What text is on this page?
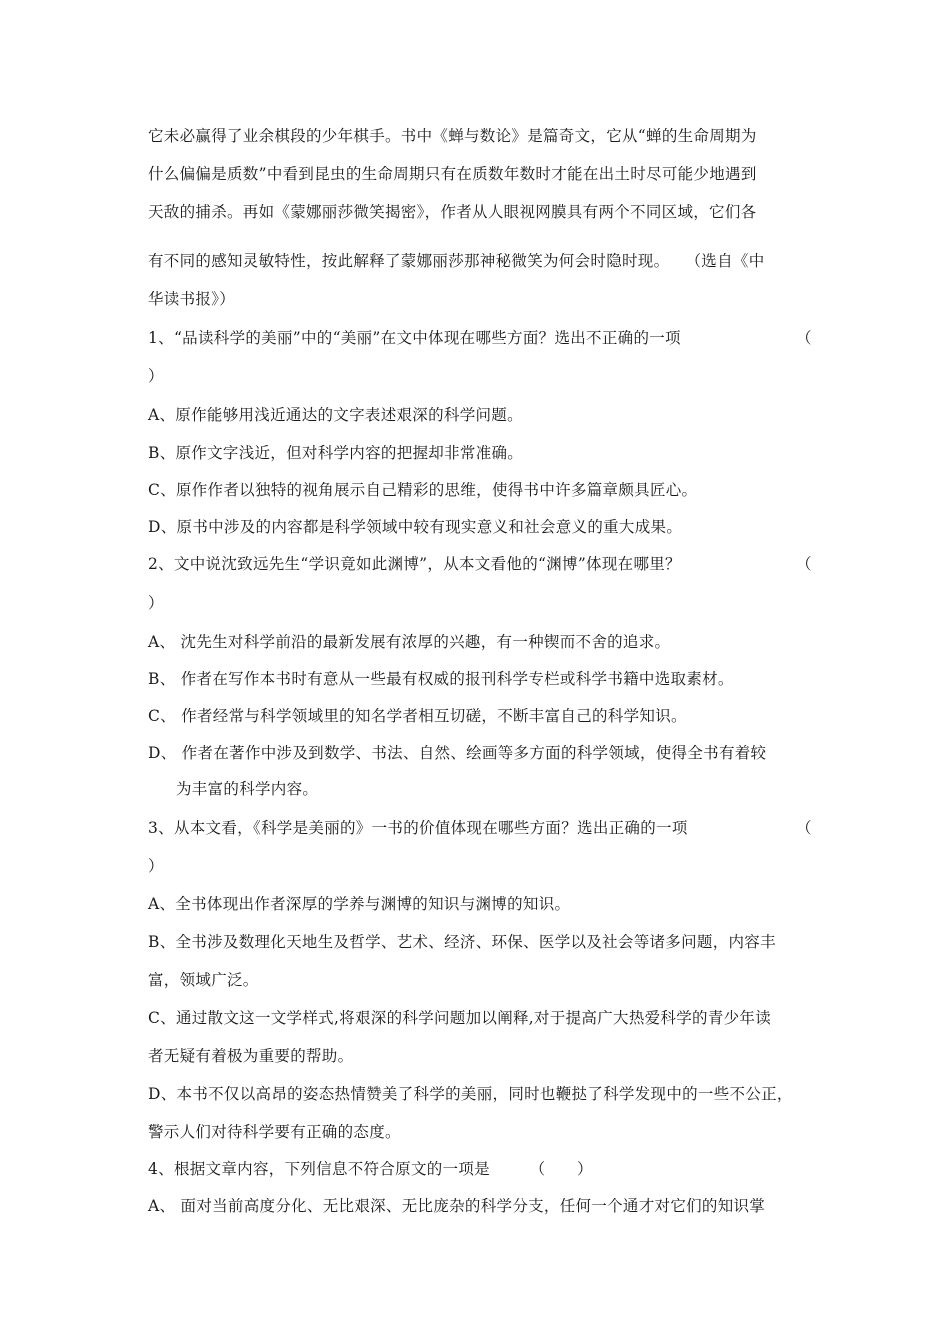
它未必赢得了业余棋段的少年棋手。书中《蝉与数论》是篇奇文，它从“蝉的生命周期为
什么偏偏是质数”中看到昆虫的生命周期只有在质数年数时才能在出土时尽可能少地遇到
天敌的捕杀。再如《蒙娜丽莎微笑揭密》，作者从人眼视网膜具有两个不同区域，它们各
有不同的感知灵敏特性，按此解释了蒙娜丽莎那神秘微笑为何会时隐时现。　　（选自《中
华读书报》）
1、“品读科学的美丽”中的“美丽”在文中体现在哪些方面？选出不正确的一项	（
）
A、原作能够用浅近通达的文字表述艰深的科学问题。
B、原作文字浅近，但对科学内容的把握却非常准确。
C、原作作者以独特的视角展示自己精彩的思维，使得书中许多篇章颇具匠心。
D、原书中涉及的内容都是科学领域中较有现实意义和社会意义的重大成果。
2、文中说沈致远先生“学识竟如此渊博”，从本文看他的“渊博”体现在哪里？	（
）
A、 沈先生对科学前沿的最新发展有浓厚的兴趣，有一种锲而不舍的追求。
B、 作者在写作本书时有意从一些最有权威的报刊科学专栏或科学书籍中选取素材。
C、 作者经常与科学领域里的知名学者相互切磋，不断丰富自己的科学知识。
D、 作者在著作中涉及到数学、书法、自然、绘画等多方面的科学领域，使得全书有着较
为丰富的科学内容。
3、从本文看，《科学是美丽的》一书的价值体现在哪些方面？选出正确的一项	（
）
A、全书体现出作者深厚的学养与渊博的知识与渊博的知识。
B、全书涉及数理化天地生及哲学、艺术、经济、环保、医学以及社会等诸多问题，内容丰
富，领域广泛。
C、通过散文这一文学样式,将艰深的科学问题加以阐释,对于提高广大热爱科学的青少年读
者无疑有着极为重要的帮助。
D、本书不仅以高昂的姿态热情赞美了科学的美丽，同时也鞭挞了科学发现中的一些不公正，
警示人们对待科学要有正确的态度。
4、根据文章内容，下列信息不符合原文的一项是　　　（　　）
A、 面对当前高度分化、无比艰深、无比庞杂的科学分支，任何一个通才对它们的知识掌
